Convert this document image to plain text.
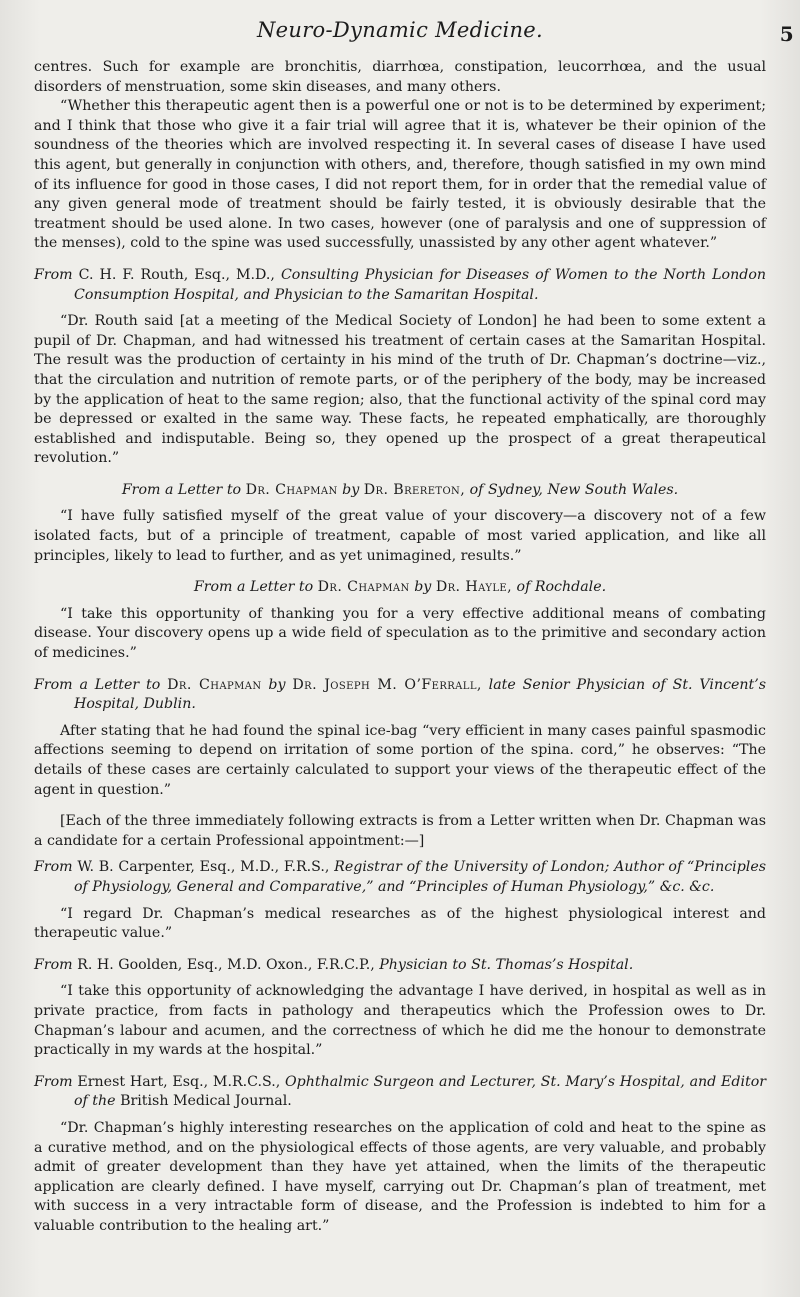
Neuro-Dynamic Medicine.	5

centres. Such for example are bronchitis, diarrhœa, constipation, leucorrhœa, and the usual disorders of menstruation, some skin diseases, and many others.

“Whether this therapeutic agent then is a powerful one or not is to be determined by experiment; and I think that those who give it a fair trial will agree that it is, whatever be their opinion of the soundness of the theories which are involved respecting it. In several cases of disease I have used this agent, but generally in conjunction with others, and, therefore, though satisfied in my own mind of its influence for good in those cases, I did not report them, for in order that the remedial value of any given general mode of treatment should be fairly tested, it is obviously desirable that the treatment should be used alone. In two cases, however (one of paralysis and one of suppression of the menses), cold to the spine was used successfully, unassisted by any other agent whatever.”

From C. H. F. Routh, Esq., M.D., Consulting Physician for Diseases of Women to the North London Consumption Hospital, and Physician to the Samaritan Hospital.

“Dr. Routh said [at a meeting of the Medical Society of London] he had been to some extent a pupil of Dr. Chapman, and had witnessed his treatment of certain cases at the Samaritan Hospital. The result was the production of certainty in his mind of the truth of Dr. Chapman’s doctrine—viz., that the circulation and nutrition of remote parts, or of the periphery of the body, may be increased by the application of heat to the same region; also, that the functional activity of the spinal cord may be depressed or exalted in the same way. These facts, he repeated emphatically, are thoroughly established and indisputable. Being so, they opened up the prospect of a great therapeutical revolution.”

From a Letter to Dr. Chapman by Dr. Brereton, of Sydney, New South Wales.

“I have fully satisfied myself of the great value of your discovery—a discovery not of a few isolated facts, but of a principle of treatment, capable of most varied application, and like all principles, likely to lead to further, and as yet unimagined, results.”

From a Letter to Dr. Chapman by Dr. Hayle, of Rochdale.

“I take this opportunity of thanking you for a very effective additional means of combating disease. Your discovery opens up a wide field of speculation as to the primitive and secondary action of medicines.”

From a Letter to Dr. Chapman by Dr. Joseph M. O’Ferrall, late Senior Physician of St. Vincent’s Hospital, Dublin.

After stating that he had found the spinal ice-bag “very efficient in many cases painful spasmodic affections seeming to depend on irritation of some portion of the spina. cord,” he observes: “The details of these cases are certainly calculated to support your views of the therapeutic effect of the agent in question.”

[Each of the three immediately following extracts is from a Letter written when Dr. Chapman was a candidate for a certain Professional appointment:—]

From W. B. Carpenter, Esq., M.D., F.R.S., Registrar of the University of London; Author of “Principles of Physiology, General and Comparative,” and “Principles of Human Physiology,” &c. &c.

“I regard Dr. Chapman’s medical researches as of the highest physiological interest and therapeutic value.”

From R. H. Goolden, Esq., M.D. Oxon., F.R.C.P., Physician to St. Thomas’s Hospital.

“I take this opportunity of acknowledging the advantage I have derived, in hospital as well as in private practice, from facts in pathology and therapeutics which the Profession owes to Dr. Chapman’s labour and acumen, and the correctness of which he did me the honour to demonstrate practically in my wards at the hospital.”

From Ernest Hart, Esq., M.R.C.S., Ophthalmic Surgeon and Lecturer, St. Mary’s Hospital, and Editor of the British Medical Journal.

“Dr. Chapman’s highly interesting researches on the application of cold and heat to the spine as a curative method, and on the physiological effects of those agents, are very valuable, and probably admit of greater development than they have yet attained, when the limits of the therapeutic application are clearly defined. I have myself, carrying out Dr. Chapman’s plan of treatment, met with success in a very intractable form of disease, and the Profession is indebted to him for a valuable contribution to the healing art.”
